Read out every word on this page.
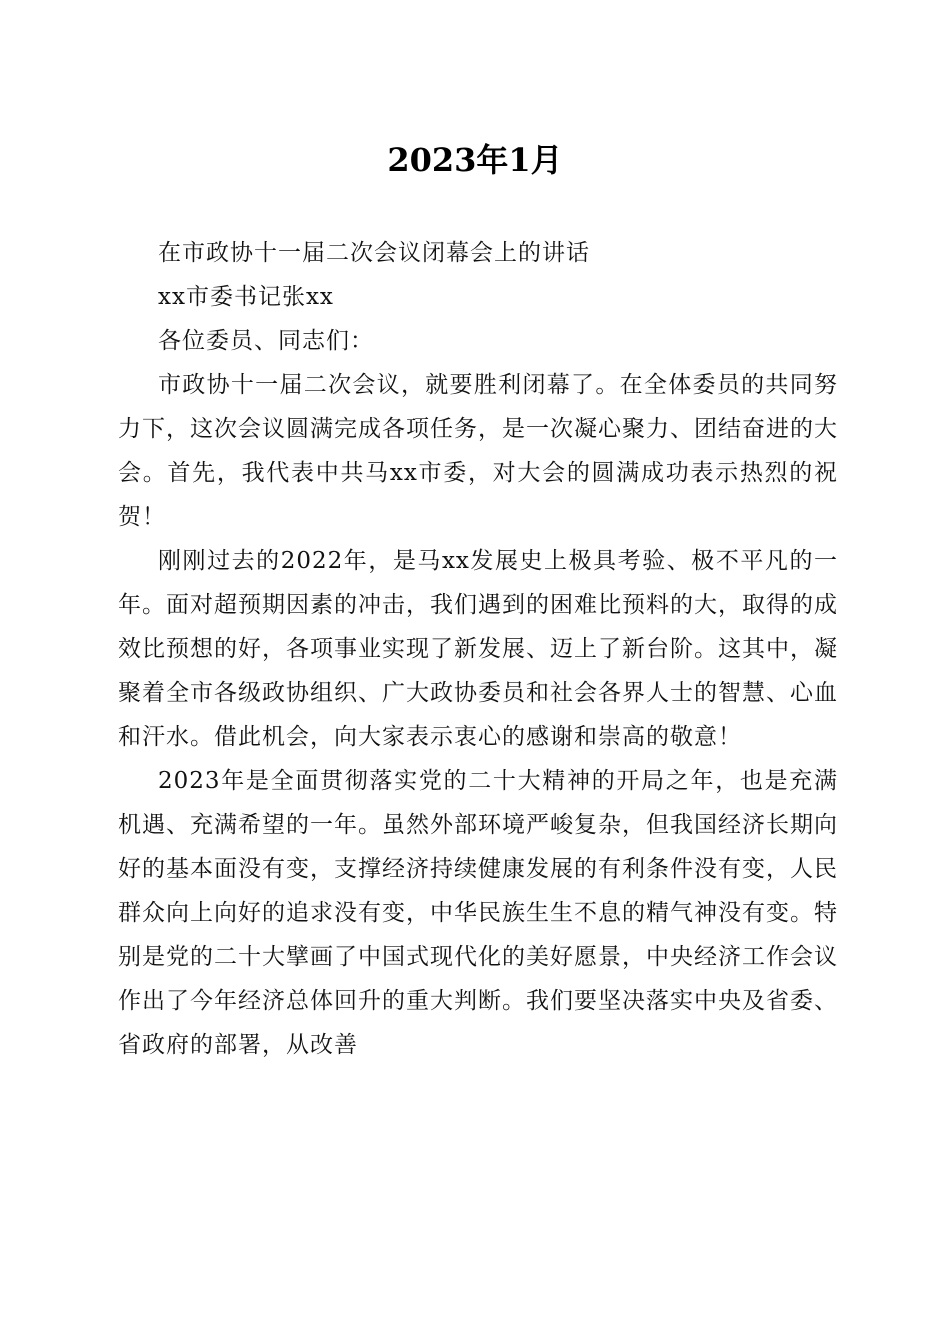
2023年1月

在市政协十一届二次会议闭幕会上的讲话

xx市委书记张xx

各位委员、同志们：

市政协十一届二次会议，就要胜利闭幕了。在全体委员的共同努力下，这次会议圆满完成各项任务，是一次凝心聚力、团结奋进的大会。首先，我代表中共马xx市委，对大会的圆满成功表示热烈的祝贺！

刚刚过去的2022年，是马xx发展史上极具考验、极不平凡的一年。面对超预期因素的冲击，我们遇到的困难比预料的大，取得的成效比预想的好，各项事业实现了新发展、迈上了新台阶。这其中，凝聚着全市各级政协组织、广大政协委员和社会各界人士的智慧、心血和汗水。借此机会，向大家表示衷心的感谢和崇高的敬意！

2023年是全面贯彻落实党的二十大精神的开局之年，也是充满机遇、充满希望的一年。虽然外部环境严峻复杂，但我国经济长期向好的基本面没有变，支撑经济持续健康发展的有利条件没有变，人民群众向上向好的追求没有变，中华民族生生不息的精气神没有变。特别是党的二十大擘画了中国式现代化的美好愿景，中央经济工作会议作出了今年经济总体回升的重大判断。我们要坚决落实中央及省委、省政府的部署，从改善
